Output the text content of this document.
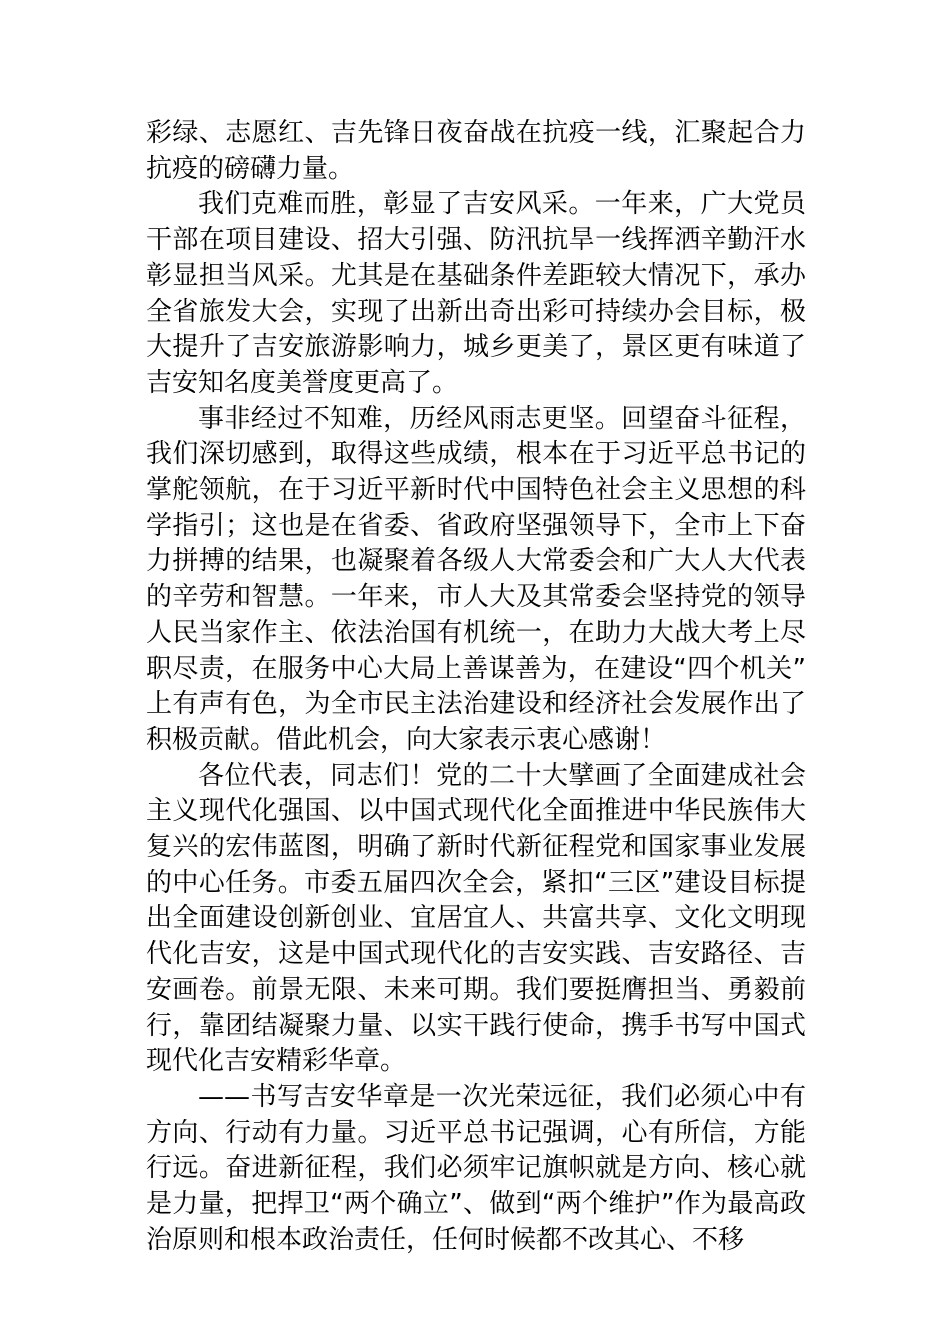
彩绿、志愿红、吉先锋日夜奋战在抗疫一线，汇聚起合力抗疫的磅礴力量。

我们克难而胜，彰显了吉安风采。一年来，广大党员干部在项目建设、招大引强、防汛抗旱一线挥洒辛勤汗水彰显担当风采。尤其是在基础条件差距较大情况下，承办全省旅发大会，实现了出新出奇出彩可持续办会目标，极大提升了吉安旅游影响力，城乡更美了，景区更有味道了吉安知名度美誉度更高了。

事非经过不知难，历经风雨志更坚。回望奋斗征程，我们深切感到，取得这些成绩，根本在于习近平总书记的掌舵领航，在于习近平新时代中国特色社会主义思想的科学指引；这也是在省委、省政府坚强领导下，全市上下奋力拼搏的结果，也凝聚着各级人大常委会和广大人大代表的辛劳和智慧。一年来，市人大及其常委会坚持党的领导人民当家作主、依法治国有机统一，在助力大战大考上尽职尽责，在服务中心大局上善谋善为，在建设“四个机关”上有声有色，为全市民主法治建设和经济社会发展作出了积极贡献。借此机会，向大家表示衷心感谢！

各位代表，同志们！党的二十大擘画了全面建成社会主义现代化强国、以中国式现代化全面推进中华民族伟大复兴的宏伟蓝图，明确了新时代新征程党和国家事业发展的中心任务。市委五届四次全会，紧扣“三区”建设目标提出全面建设创新创业、宜居宜人、共富共享、文化文明现代化吉安，这是中国式现代化的吉安实践、吉安路径、吉安画卷。前景无限、未来可期。我们要挺膺担当、勇毅前行，靠团结凝聚力量、以实干践行使命，携手书写中国式现代化吉安精彩华章。

——书写吉安华章是一次光荣远征，我们必须心中有方向、行动有力量。习近平总书记强调，心有所信，方能行远。奋进新征程，我们必须牢记旗帜就是方向、核心就是力量，把捍卫“两个确立”、做到“两个维护”作为最高政治原则和根本政治责任，任何时候都不改其心、不移
